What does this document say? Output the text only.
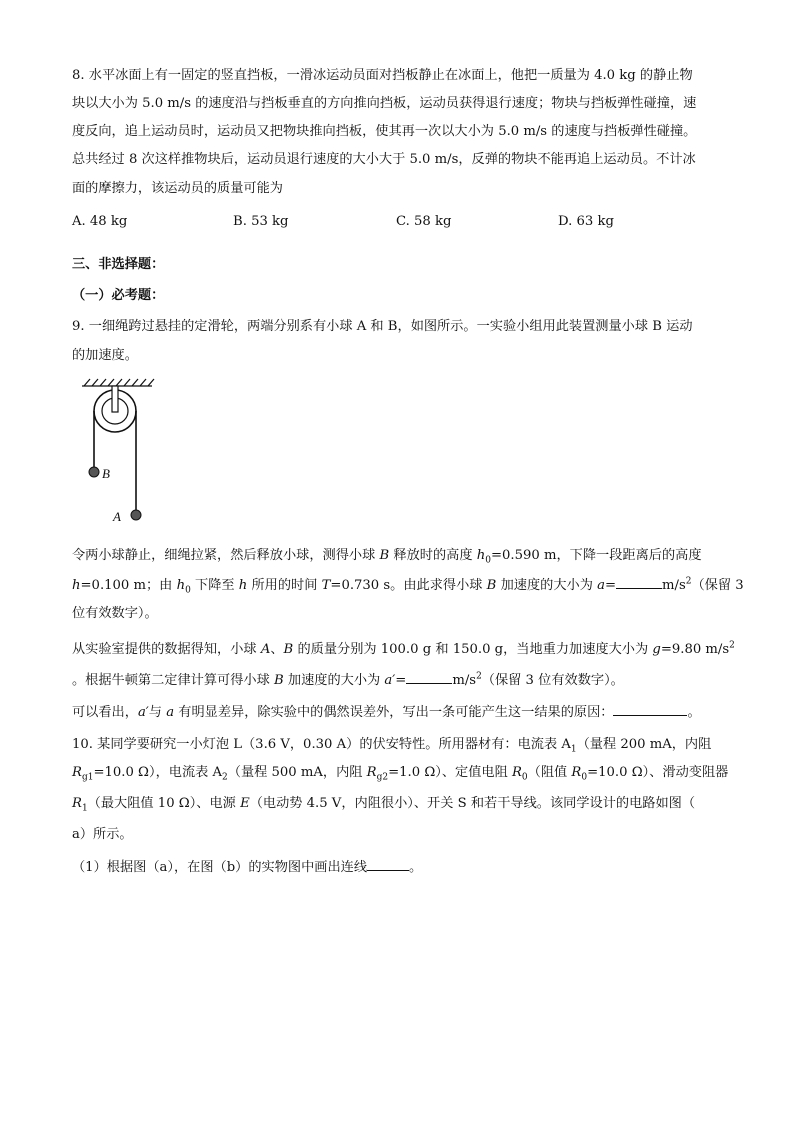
8. 水平冰面上有一固定的竖直挡板，一滑冰运动员面对挡板静止在冰面上，他把一质量为 4.0 kg 的静止物
块以大小为 5.0 m/s 的速度沿与挡板垂直的方向推向挡板，运动员获得退行速度；物块与挡板弹性碰撞，速
度反向，追上运动员时，运动员又把物块推向挡板，使其再一次以大小为 5.0 m/s 的速度与挡板弹性碰撞。
总共经过 8 次这样推物块后，运动员退行速度的大小大于 5.0 m/s，反弹的物块不能再追上运动员。不计冰
面的摩擦力，该运动员的质量可能为
A. 48 kg	B. 53 kg	C. 58 kg	D. 63 kg
三、非选择题：
（一）必考题：
9. 一细绳跨过悬挂的定滑轮，两端分别系有小球 A 和 B，如图所示。一实验小组用此装置测量小球 B 运动
的加速度。
B
A
令两小球静止，细绳拉紧，然后释放小球，测得小球 B 释放时的高度 $h_0=0.590$ m，下降一段距离后的高度
h=0.100 m；由 $h_0$ 下降至 h 所用的时间 T=0.730 s。由此求得小球 B 加速度的大小为 a=	$m/s^2$（保留 3
位有效数字）。
从实验室提供的数据得知，小球 A、B 的质量分别为 100.0 g 和 150.0 g，当地重力加速度大小为 g=9.80 $m/s^2$
。根据牛顿第二定律计算可得小球 B 加速度的大小为 a′=	$m/s^2$（保留 3 位有效数字）。
可以看出，a′与 a 有明显差异，除实验中的偶然误差外，写出一条可能产生这一结果的原因：	。
10. 某同学要研究一小灯泡 L（3.6 V，0.30 A）的伏安特性。所用器材有：电流表 $A_1$（量程 200 mA，内阻
$R_{g1}=10.0$ Ω），电流表 $A_2$（量程 500 mA，内阻 $R_{g2}=1.0$ Ω）、定值电阻 $R_0$（阻值 $R_0=10.0$ Ω）、滑动变阻器
$R_1$（最大阻值 10 Ω）、电源 E（电动势 4.5 V，内阻很小）、开关 S 和若干导线。该同学设计的电路如图（
a）所示。
（1）根据图（a），在图（b）的实物图中画出连线	。
